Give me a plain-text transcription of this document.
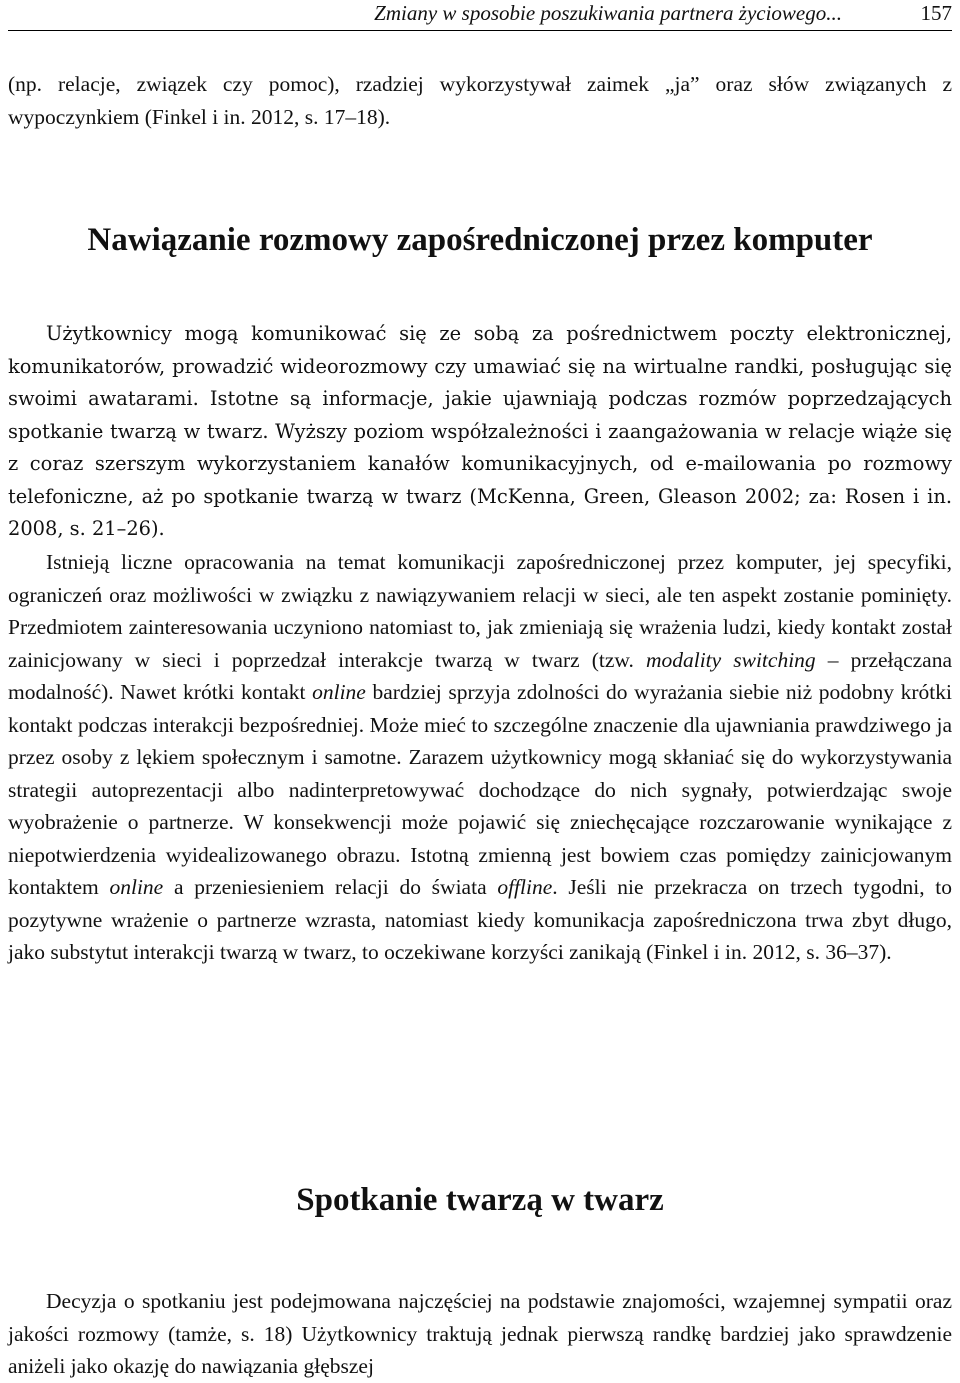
Zmiany w sposobie poszukiwania partnera życiowego...	157

(np. relacje, związek czy pomoc), rzadziej wykorzystywał zaimek „ja” oraz słów związanych z wypoczynkiem (Finkel i in. 2012, s. 17–18).

Nawiązanie rozmowy zapośredniczonej przez komputer

Użytkownicy mogą komunikować się ze sobą za pośrednictwem poczty elektronicznej, komunikatorów, prowadzić wideorozmowy czy umawiać się na wirtualne randki, posługując się swoimi awatarami. Istotne są informacje, jakie ujawniają podczas rozmów poprzedzających spotkanie twarzą w twarz. Wyższy poziom współzależności i zaangażowania w relacje wiąże się z coraz szerszym wykorzystaniem kanałów komunikacyjnych, od e-mailowania po rozmowy telefoniczne, aż po spotkanie twarzą w twarz (McKenna, Green, Gleason 2002; za: Rosen i in. 2008, s. 21–26).

Istnieją liczne opracowania na temat komunikacji zapośredniczonej przez komputer, jej specyfiki, ograniczeń oraz możliwości w związku z nawiązywaniem relacji w sieci, ale ten aspekt zostanie pominięty. Przedmiotem zainteresowania uczyniono natomiast to, jak zmieniają się wrażenia ludzi, kiedy kontakt został zainicjowany w sieci i poprzedzał interakcje twarzą w twarz (tzw. modality switching – przełączana modalność). Nawet krótki kontakt online bardziej sprzyja zdolności do wyrażania siebie niż podobny krótki kontakt podczas interakcji bezpośredniej. Może mieć to szczególne znaczenie dla ujawniania prawdziwego ja przez osoby z lękiem społecznym i samotne. Zarazem użytkownicy mogą skłaniać się do wykorzystywania strategii autoprezentacji albo nadinterpretowywać dochodzące do nich sygnały, potwierdzając swoje wyobrażenie o partnerze. W konsekwencji może pojawić się zniechęcające rozczarowanie wynikające z niepotwierdzenia wyidealizowanego obrazu. Istotną zmienną jest bowiem czas pomiędzy zainicjowanym kontaktem online a przeniesieniem relacji do świata offline. Jeśli nie przekracza on trzech tygodni, to pozytywne wrażenie o partnerze wzrasta, natomiast kiedy komunikacja zapośredniczona trwa zbyt długo, jako substytut interakcji twarzą w twarz, to oczekiwane korzyści zanikają (Finkel i in. 2012, s. 36–37).

Spotkanie twarzą w twarz

Decyzja o spotkaniu jest podejmowana najczęściej na podstawie znajomości, wzajemnej sympatii oraz jakości rozmowy (tamże, s. 18) Użytkownicy traktują jednak pierwszą randkę bardziej jako sprawdzenie aniżeli jako okazję do nawiązania głębszej
